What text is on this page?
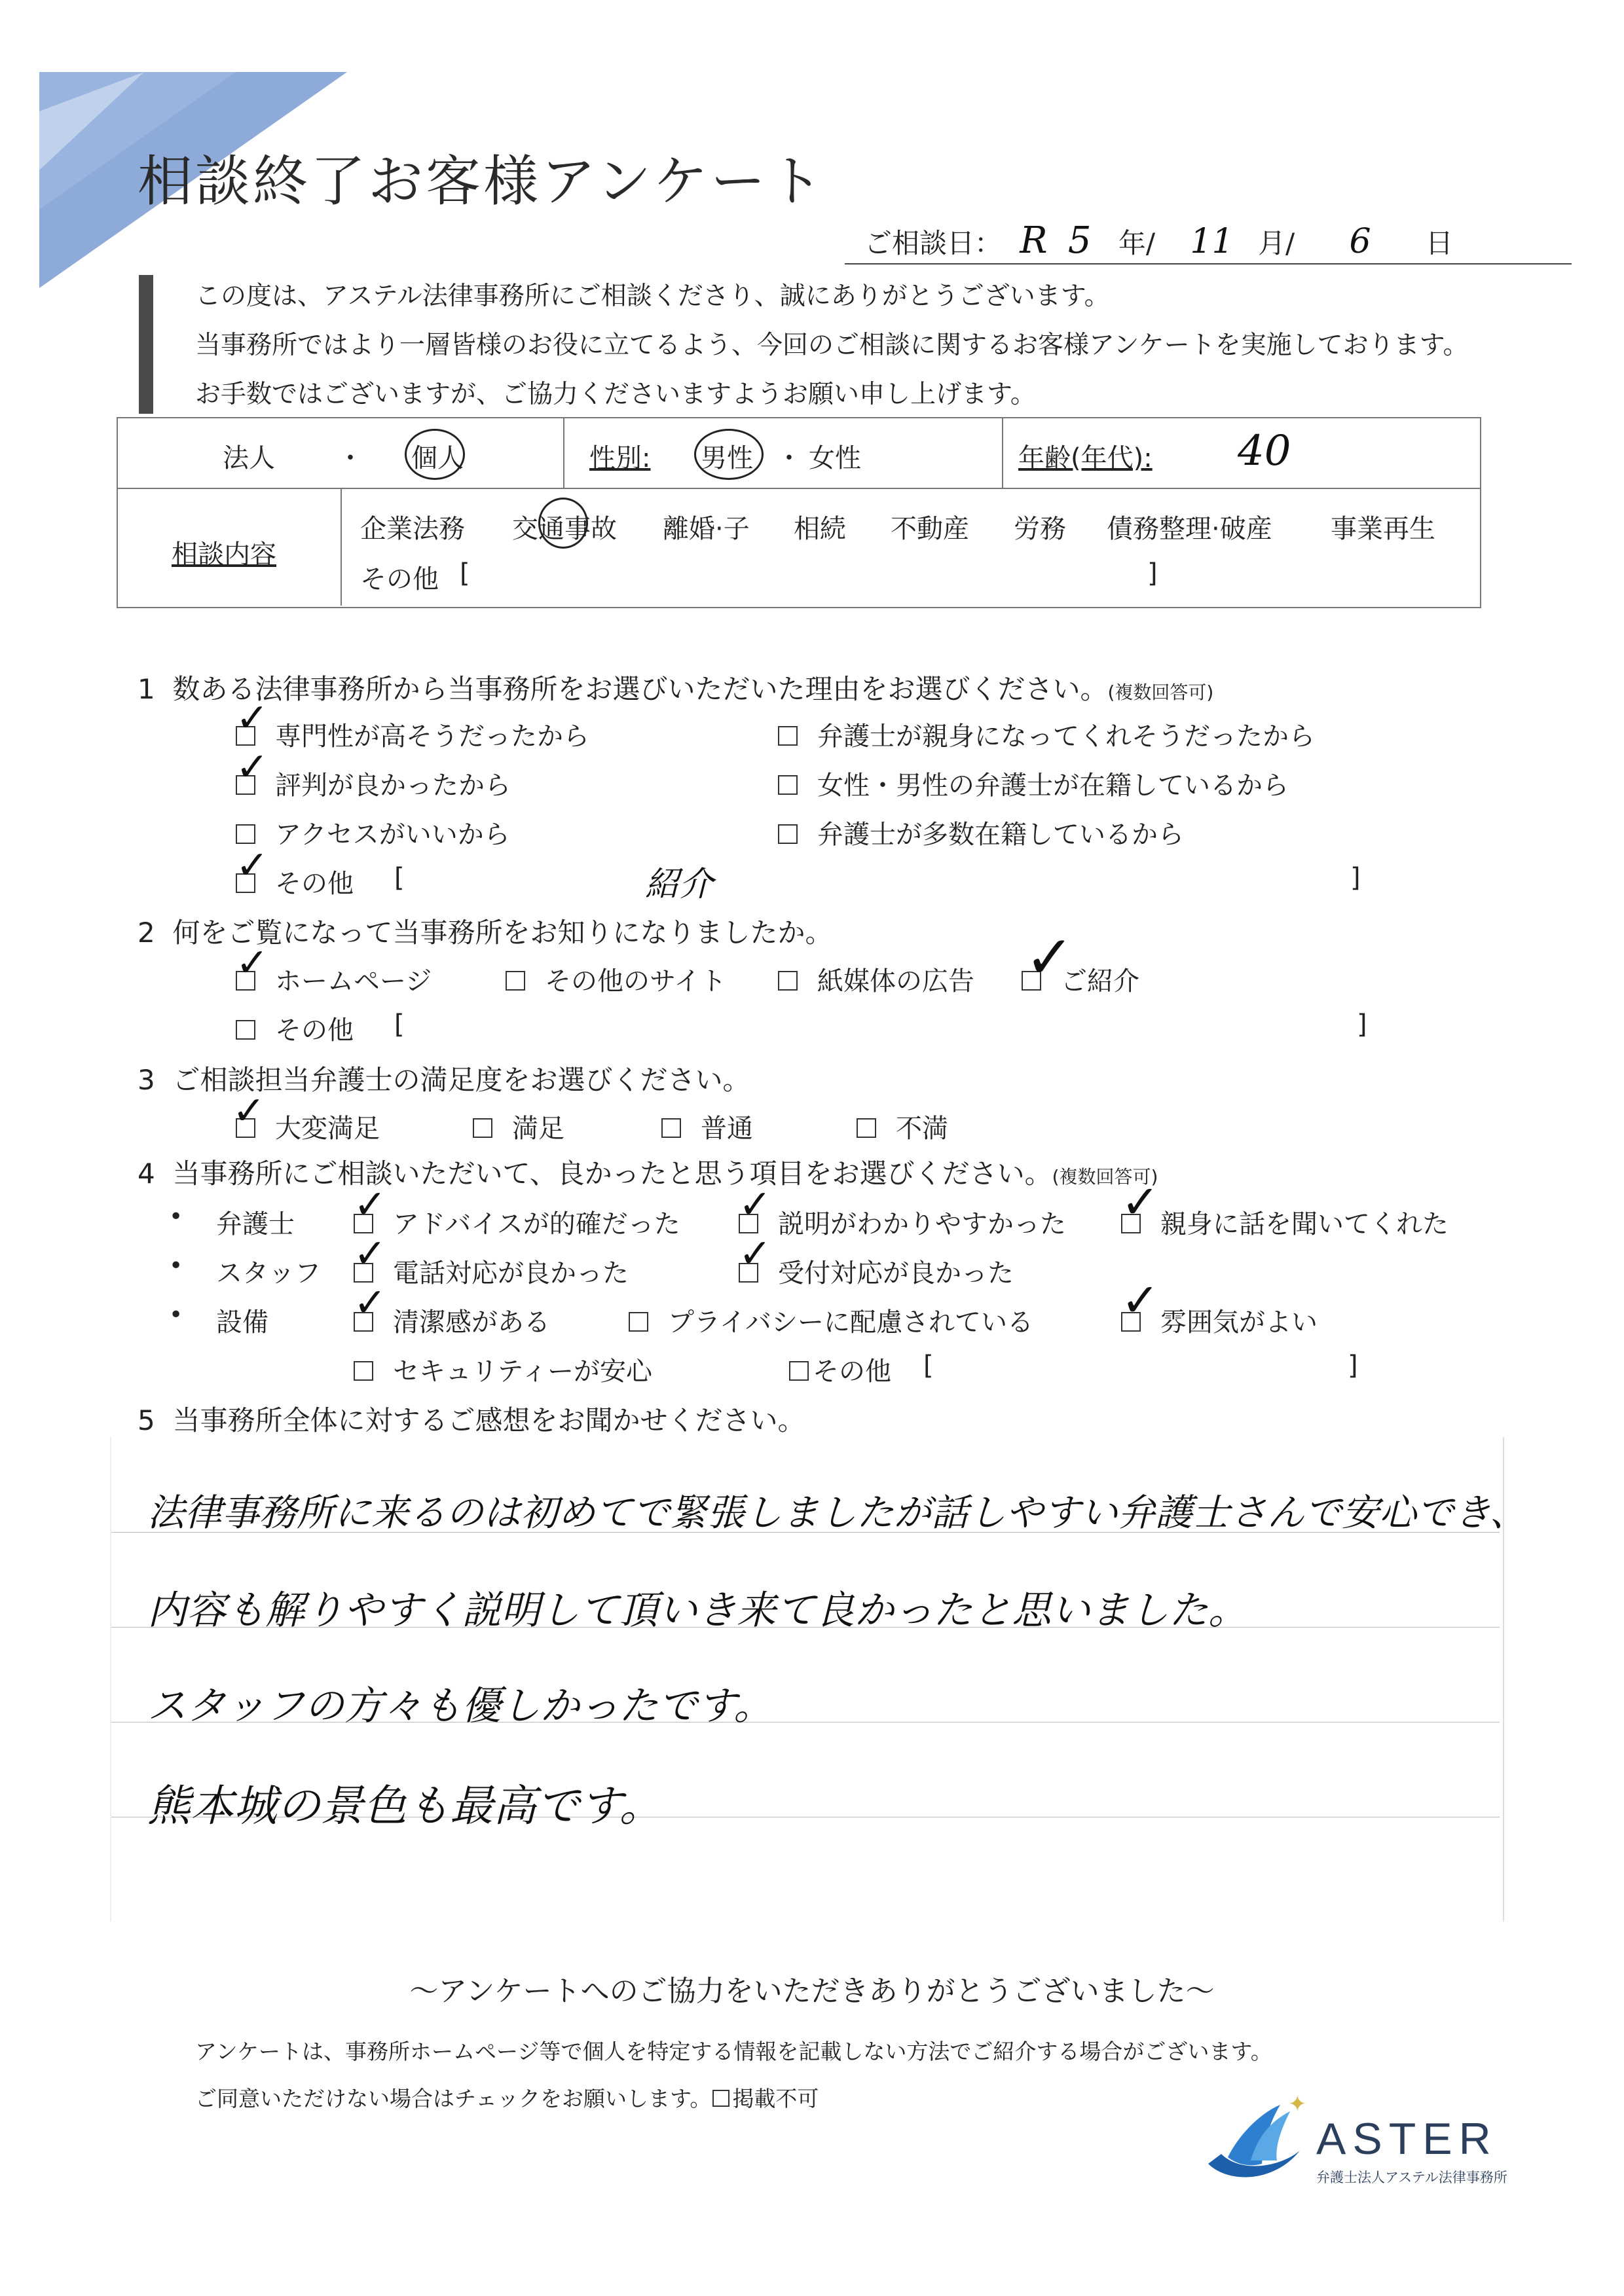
相談終了お客様アンケート
ご相談日： R 5 年/ 11 月/ 6 日
この度は、アステル法律事務所にご相談くださり、誠にありがとうございます。
当事務所ではより一層皆様のお役に立てるよう、今回のご相談に関するお客様アンケートを実施しております。
お手数ではございますが、ご協力くださいますようお願い申し上げます。
法人 ・ 個人	性別: 男性 ・ 女性	年齢(年代): 40
相談内容
企業法務 交通事故 離婚·子 相続 不動産 労務 債務整理·破産 事業再生
その他 [	]
1 数ある法律事務所から当事務所をお選びいただいた理由をお選びください。(複数回答可)
専門性が高そうだったから	弁護士が親身になってくれそうだったから
評判が良かったから	女性・男性の弁護士が在籍しているから
アクセスがいいから	弁護士が多数在籍しているから
その他 [	紹介	]
✓
✓
✓
2 何をご覧になって当事務所をお知りになりましたか。
ホームページ	その他のサイト	紙媒体の広告	ご紹介
その他 [	]
✓	✓
3 ご相談担当弁護士の満足度をお選びください。
大変満足	満足	普通	不満
✓
4 当事務所にご相談いただいて、良かったと思う項目をお選びください。(複数回答可)
• 弁護士	アドバイスが的確だった	説明がわかりやすかった	親身に話を聞いてくれた
• スタッフ	電話対応が良かった	受付対応が良かった
• 設備	清潔感がある	プライバシーに配慮されている	雰囲気がよい
セキュリティーが安心	その他 [	]
✓	✓	✓
✓	✓
✓	✓
5 当事務所全体に対するご感想をお聞かせください。
法律事務所に来るのは初めてで緊張しましたが話しやすい弁護士さんで安心でき、
内容も解りやすく説明して頂いき来て良かったと思いました。
スタッフの方々も優しかったです。
熊本城の景色も最高です。
～アンケートへのご協力をいただきありがとうございました～
アンケートは、事務所ホームページ等で個人を特定する情報を記載しない方法でご紹介する場合がございます。
ご同意いただけない場合はチェックをお願いします。 掲載不可	✦
ASTER
弁護士法人アステル法律事務所
